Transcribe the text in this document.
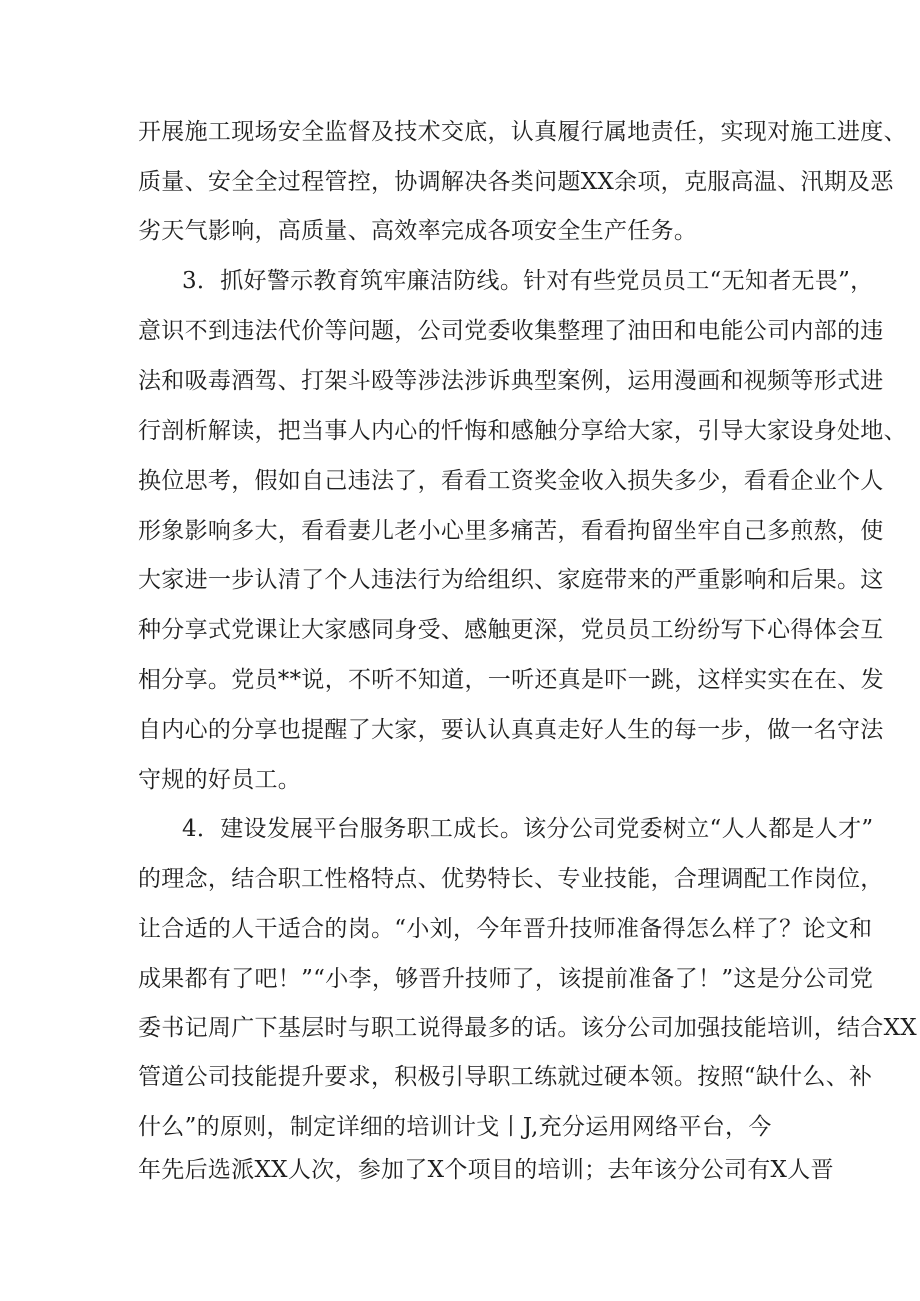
开展施工现场安全监督及技术交底，认真履行属地责任，实现对施工进度、
质量、安全全过程管控，协调解决各类问题XX余项，克服高温、汛期及恶
劣天气影响，高质量、高效率完成各项安全生产任务。
3．抓好警示教育筑牢廉洁防线。针对有些党员员工“无知者无畏”，
意识不到违法代价等问题，公司党委收集整理了油田和电能公司内部的违
法和吸毒酒驾、打架斗殴等涉法涉诉典型案例，运用漫画和视频等形式进
行剖析解读，把当事人内心的忏悔和感触分享给大家，引导大家设身处地、
换位思考，假如自己违法了，看看工资奖金收入损失多少，看看企业个人
形象影响多大，看看妻儿老小心里多痛苦，看看拘留坐牢自己多煎熬，使
大家进一步认清了个人违法行为给组织、家庭带来的严重影响和后果。这
种分享式党课让大家感同身受、感触更深，党员员工纷纷写下心得体会互
相分享。党员**说，不听不知道，一听还真是吓一跳，这样实实在在、发
自内心的分享也提醒了大家，要认认真真走好人生的每一步，做一名守法
守规的好员工。
4．建设发展平台服务职工成长。该分公司党委树立“人人都是人才”
的理念，结合职工性格特点、优势特长、专业技能，合理调配工作岗位，
让合适的人干适合的岗。“小刘，今年晋升技师准备得怎么样了？论文和
成果都有了吧！”“小李，够晋升技师了，该提前准备了！”这是分公司党
委书记周广下基层时与职工说得最多的话。该分公司加强技能培训，结合XX
管道公司技能提升要求，积极引导职工练就过硬本领。按照“缺什么、补
什么”的原则，制定详细的培训计戈丨J,充分运用网络平台，今
年先后选派XX人次，参加了X个项目的培训；去年该分公司有X人晋
